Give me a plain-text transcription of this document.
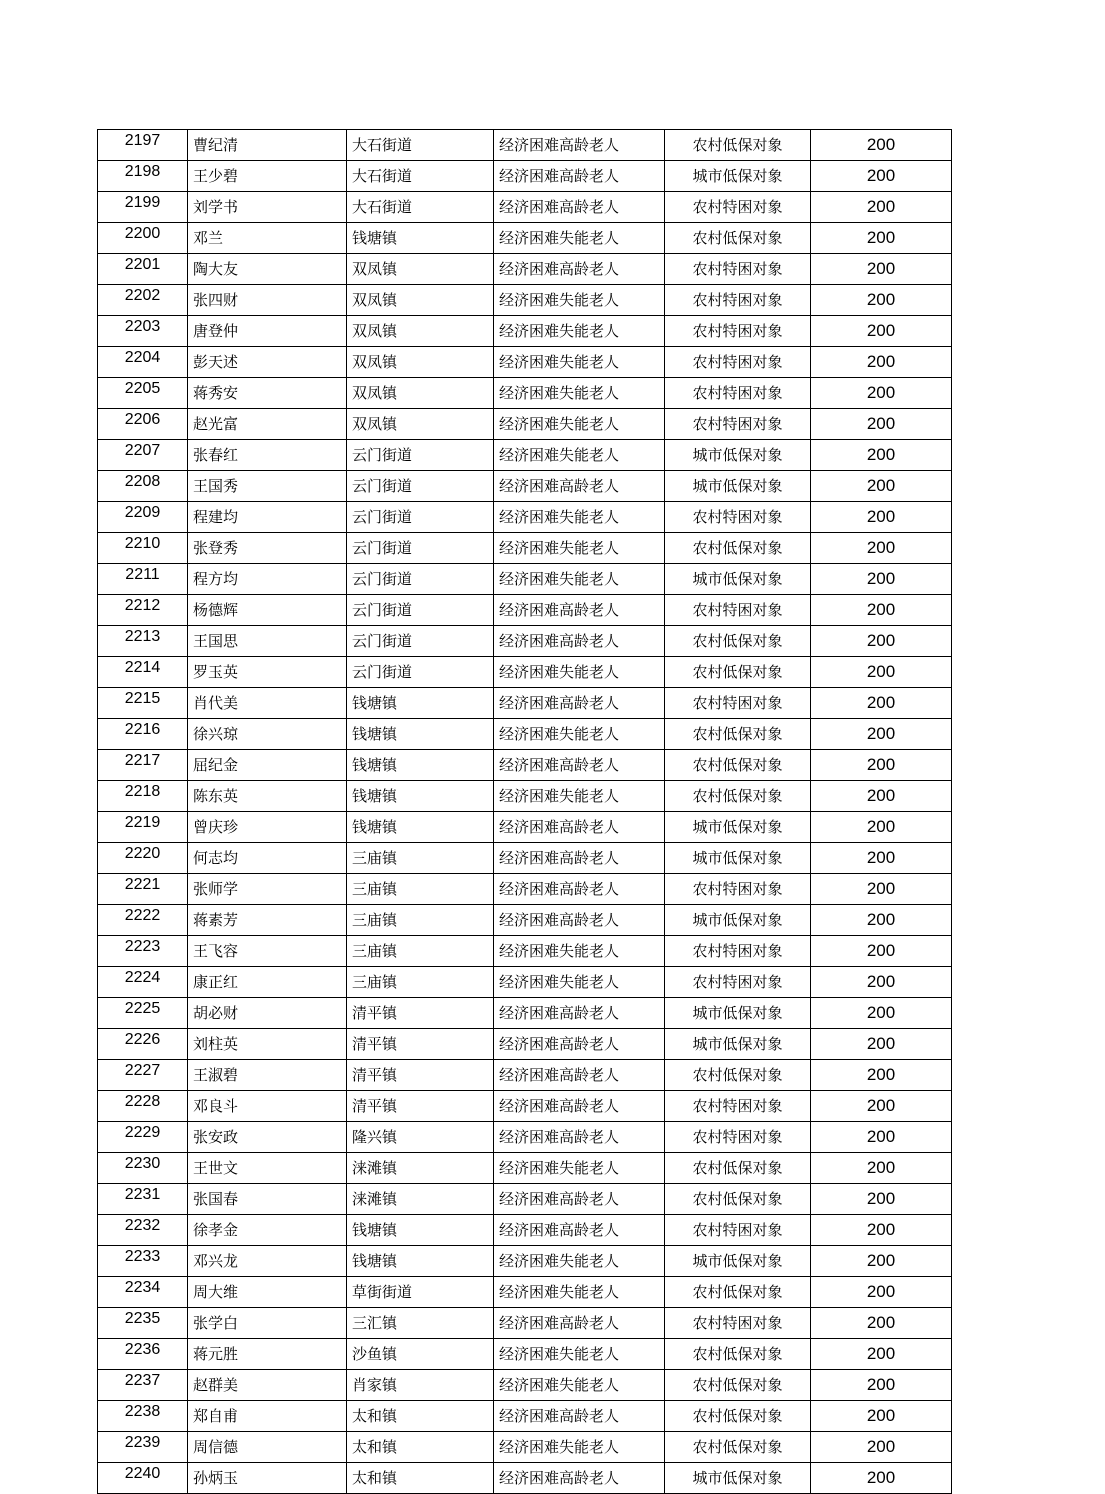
2197	曹纪清	大石街道	经济困难高龄老人	农村低保对象	200
2198	王少碧	大石街道	经济困难高龄老人	城市低保对象	200
2199	刘学书	大石街道	经济困难高龄老人	农村特困对象	200
2200	邓兰	钱塘镇	经济困难失能老人	农村低保对象	200
2201	陶大友	双凤镇	经济困难高龄老人	农村特困对象	200
2202	张四财	双凤镇	经济困难失能老人	农村特困对象	200
2203	唐登仲	双凤镇	经济困难失能老人	农村特困对象	200
2204	彭天述	双凤镇	经济困难失能老人	农村特困对象	200
2205	蒋秀安	双凤镇	经济困难失能老人	农村特困对象	200
2206	赵光富	双凤镇	经济困难失能老人	农村特困对象	200
2207	张春红	云门街道	经济困难失能老人	城市低保对象	200
2208	王国秀	云门街道	经济困难高龄老人	城市低保对象	200
2209	程建均	云门街道	经济困难失能老人	农村特困对象	200
2210	张登秀	云门街道	经济困难失能老人	农村低保对象	200
2211	程方均	云门街道	经济困难失能老人	城市低保对象	200
2212	杨德辉	云门街道	经济困难高龄老人	农村特困对象	200
2213	王国思	云门街道	经济困难高龄老人	农村低保对象	200
2214	罗玉英	云门街道	经济困难失能老人	农村低保对象	200
2215	肖代美	钱塘镇	经济困难高龄老人	农村特困对象	200
2216	徐兴琼	钱塘镇	经济困难失能老人	农村低保对象	200
2217	屈纪金	钱塘镇	经济困难高龄老人	农村低保对象	200
2218	陈东英	钱塘镇	经济困难失能老人	农村低保对象	200
2219	曾庆珍	钱塘镇	经济困难高龄老人	城市低保对象	200
2220	何志均	三庙镇	经济困难高龄老人	城市低保对象	200
2221	张师学	三庙镇	经济困难高龄老人	农村特困对象	200
2222	蒋素芳	三庙镇	经济困难高龄老人	城市低保对象	200
2223	王飞容	三庙镇	经济困难失能老人	农村特困对象	200
2224	康正红	三庙镇	经济困难失能老人	农村特困对象	200
2225	胡必财	清平镇	经济困难高龄老人	城市低保对象	200
2226	刘柱英	清平镇	经济困难高龄老人	城市低保对象	200
2227	王淑碧	清平镇	经济困难高龄老人	农村低保对象	200
2228	邓良斗	清平镇	经济困难高龄老人	农村特困对象	200
2229	张安政	隆兴镇	经济困难高龄老人	农村特困对象	200
2230	王世文	涞滩镇	经济困难失能老人	农村低保对象	200
2231	张国春	涞滩镇	经济困难高龄老人	农村低保对象	200
2232	徐孝金	钱塘镇	经济困难高龄老人	农村特困对象	200
2233	邓兴龙	钱塘镇	经济困难失能老人	城市低保对象	200
2234	周大维	草街街道	经济困难失能老人	农村低保对象	200
2235	张学白	三汇镇	经济困难高龄老人	农村特困对象	200
2236	蒋元胜	沙鱼镇	经济困难失能老人	农村低保对象	200
2237	赵群美	肖家镇	经济困难失能老人	农村低保对象	200
2238	郑自甫	太和镇	经济困难高龄老人	农村低保对象	200
2239	周信德	太和镇	经济困难失能老人	农村低保对象	200
2240	孙炳玉	太和镇	经济困难高龄老人	城市低保对象	200
